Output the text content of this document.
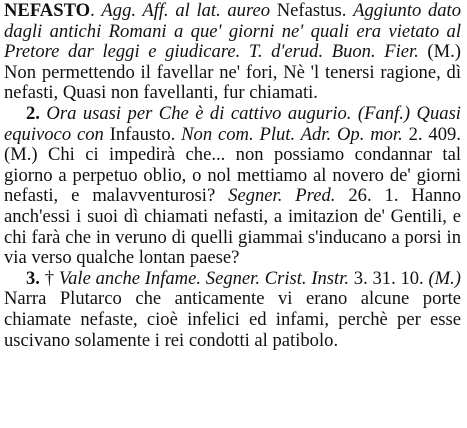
NEFASTO. Agg. Aff. al lat. aureo Nefastus. Aggiunto dato dagli antichi Romani a que' giorni ne' quali era vietato al Pretore dar leggi e giudicare. T. d'erud. Buon. Fier. (M.) Non permettendo il favellar ne' fori, Nè 'l tenersi ragione, dì nefasti, Quasi non favellanti, fur chiamati.

2. Ora usasi per Che è di cattivo augurio. (Fanf.) Quasi equivoco con Infausto. Non com. Plut. Adr. Op. mor. 2. 409. (M.) Chi ci impedirà che... non possiamo condannar tal giorno a perpetuo oblio, o nol mettiamo al novero de' giorni nefasti, e malavventurosi? Segner. Pred. 26. 1. Hanno anch'essi i suoi dì chiamati nefasti, a imitazion de' Gentili, e chi farà che in veruno di quelli giammai s'inducano a porsi in via verso qualche lontan paese?

3. † Vale anche Infame. Segner. Crist. Instr. 3. 31. 10. (M.) Narra Plutarco che anticamente vi erano alcune porte chiamate nefaste, cioè infelici ed infami, perchè per esse uscivano solamente i rei condotti al patibolo.
